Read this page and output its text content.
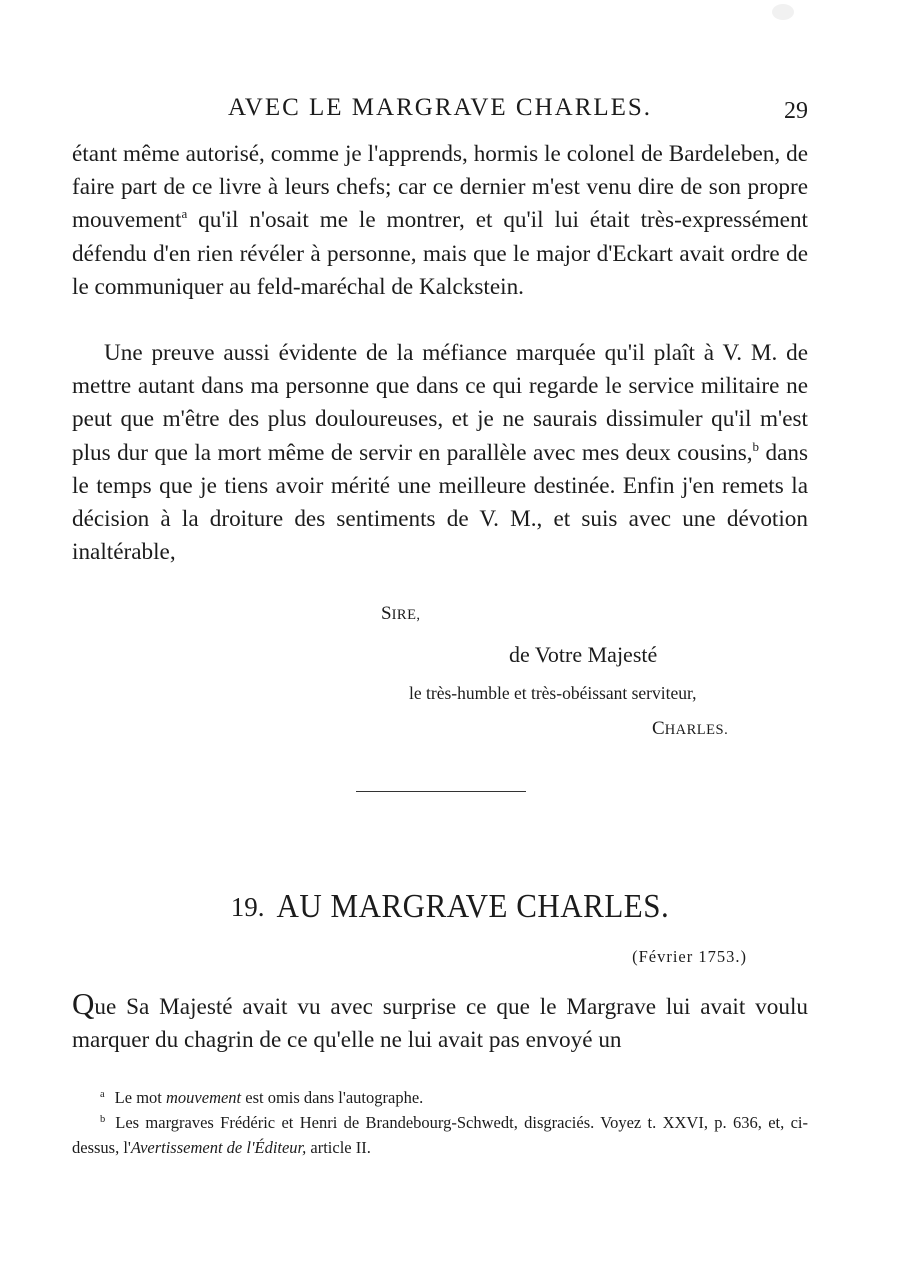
AVEC LE MARGRAVE CHARLES.	29

étant même autorisé, comme je l'apprends, hormis le colonel de Bardeleben, de faire part de ce livre à leurs chefs; car ce dernier m'est venu dire de son propre mouvement$^a$ qu'il n'osait me le montrer, et qu'il lui était très-expressément défendu d'en rien révéler à personne, mais que le major d'Eckart avait ordre de le communiquer au feld-maréchal de Kalckstein.

Une preuve aussi évidente de la méfiance marquée qu'il plaît à V. M. de mettre autant dans ma personne que dans ce qui regarde le service militaire ne peut que m'être des plus douloureuses, et je ne saurais dissimuler qu'il m'est plus dur que la mort même de servir en parallèle avec mes deux cousins,$^b$ dans le temps que je tiens avoir mérité une meilleure destinée. Enfin j'en remets la décision à la droiture des sentiments de V. M., et suis avec une dévotion inaltérable,

SIRE,
de Votre Majesté
le très-humble et très-obéissant serviteur,
CHARLES.
19. AU MARGRAVE CHARLES.
(Février 1753.)

Que Sa Majesté avait vu avec surprise ce que le Margrave lui avait voulu marquer du chagrin de ce qu'elle ne lui avait pas envoyé un

$^a$ Le mot mouvement est omis dans l'autographe.

$^b$ Les margraves Frédéric et Henri de Brandebourg-Schwedt, disgraciés. Voyez t. XXVI, p. 636, et, ci-dessus, l'Avertissement de l'Éditeur, article II.
